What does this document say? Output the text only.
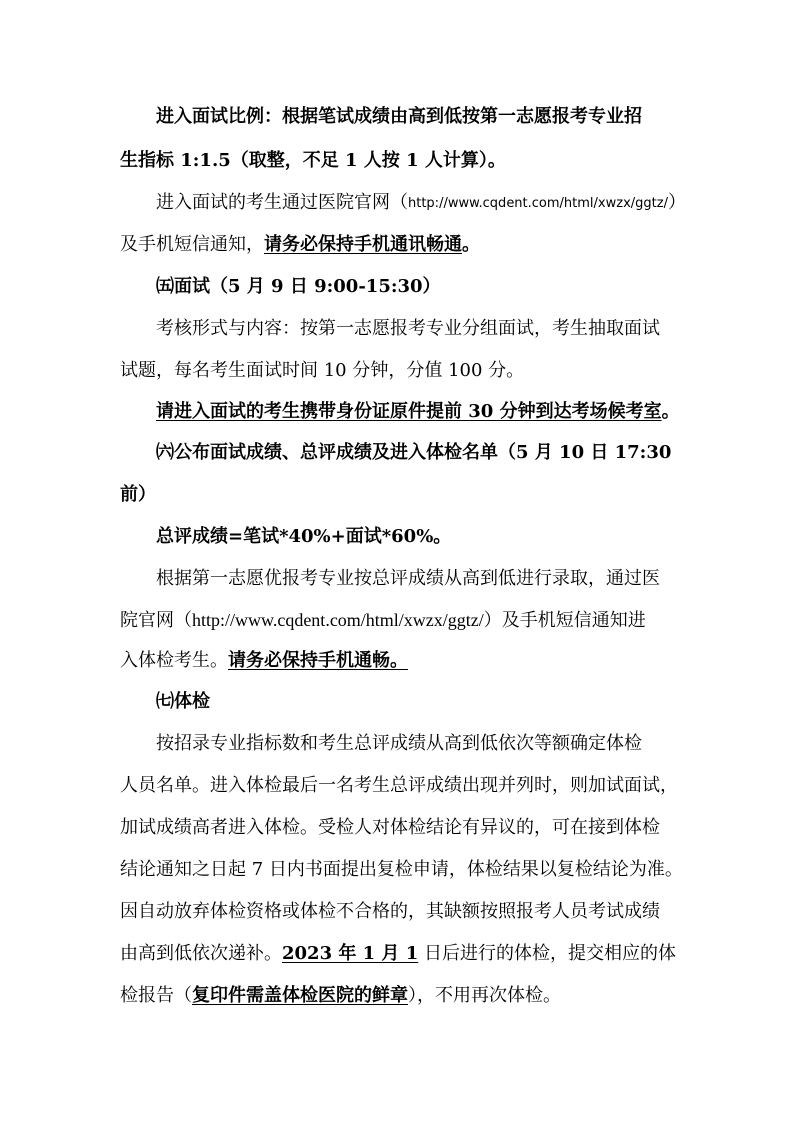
进入面试比例：根据笔试成绩由高到低按第一志愿报考专业招
生指标 1:1.5（取整，不足 1 人按 1 人计算）。
进入面试的考生通过医院官网（http://www.cqdent.com/html/xwzx/ggtz/）
及手机短信通知，请务必保持手机通讯畅通。
㈤面试（5 月 9 日 9:00-15:30）
考核形式与内容：按第一志愿报考专业分组面试，考生抽取面试
试题，每名考生面试时间 10 分钟，分值 100 分。
请进入面试的考生携带身份证原件提前 30 分钟到达考场候考室。
㈥公布面试成绩、总评成绩及进入体检名单（5 月 10 日 17:30
前）
总评成绩=笔试*40%+面试*60%。
根据第一志愿优报考专业按总评成绩从高到低进行录取，通过医
院官网（http://www.cqdent.com/html/xwzx/ggtz/）及手机短信通知进
入体检考生。请务必保持手机通畅。
㈦体检
按招录专业指标数和考生总评成绩从高到低依次等额确定体检
人员名单。进入体检最后一名考生总评成绩出现并列时，则加试面试，
加试成绩高者进入体检。受检人对体检结论有异议的，可在接到体检
结论通知之日起 7 日内书面提出复检申请，体检结果以复检结论为准。
因自动放弃体检资格或体检不合格的，其缺额按照报考人员考试成绩
由高到低依次递补。2023 年 1 月 1 日后进行的体检，提交相应的体
检报告（复印件需盖体检医院的鲜章），不用再次体检。
